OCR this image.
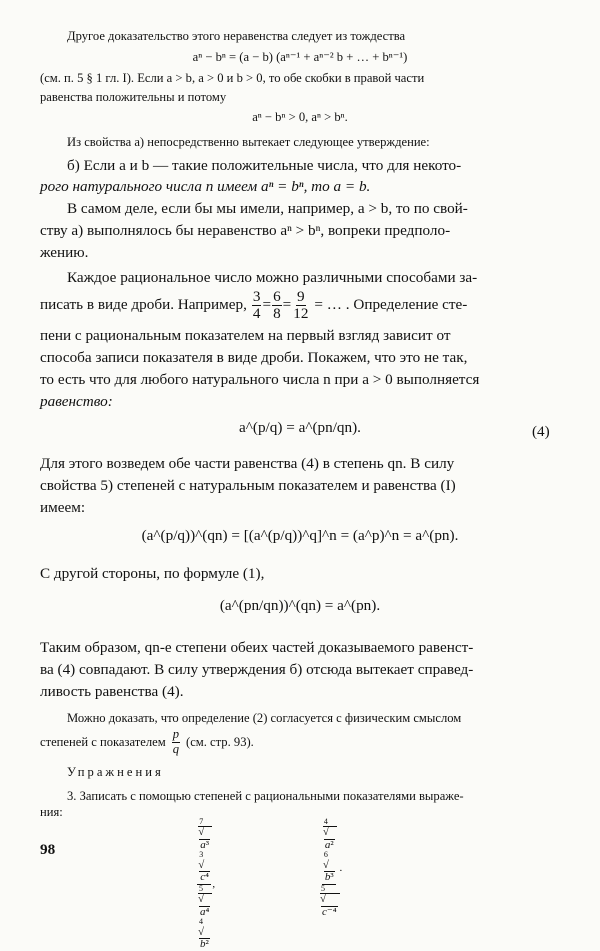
Другое доказательство этого неравенства следует из тождества
aⁿ − bⁿ = (a − b) (aⁿ⁻¹ + aⁿ⁻² b + … + bⁿ⁻¹)
(см. п. 5 § 1 гл. I). Если a > b, a > 0 и b > 0, то обе скобки в правой части
равенства положительны и потому
aⁿ − bⁿ > 0, aⁿ > bⁿ.
Из свойства а) непосредственно вытекает следующее утверждение:
б) Если a и b — такие положительные числа, что для некото-
рого натурального числа n имеем aⁿ = bⁿ, то a = b.
В самом деле, если бы мы имели, например, a > b, то по свой-
ству а) выполнялось бы неравенство aⁿ > bⁿ, вопреки предполо-
жению.
Каждое рациональное число можно различными способами за-
писать в виде дроби. Например, $\frac{3}{4} = \frac{6}{8} = \frac{9}{12}$ = … . Определение сте-
пени с рациональным показателем на первый взгляд зависит от
способа записи показателя в виде дроби. Покажем, что это не так,
то есть что для любого натурального числа n при a > 0 выполняется
равенство:
a^(p/q) = a^(pn/qn).	(4)
Для этого возведем обе части равенства (4) в степень qn. В силу
свойства 5) степеней с натуральным показателем и равенства (I)
имеем:
(a^(p/q))^(qn) = [(a^(p/q))^q]^n = (a^p)^n = a^(pn).
С другой стороны, по формуле (1),
(a^(pn/qn))^(qn) = a^(pn).
Таким образом, qn-е степени обеих частей доказываемого равенст-
ва (4) совпадают. В силу утверждения б) отсюда вытекает справед-
ливость равенства (4).
Можно доказать, что определение (2) согласуется с физическим смыслом
степеней с показателем
p
q (см. стр. 93).
Упражнения
3. Записать с помощью степеней с рациональными показателями выраже-
ния:
7
√
a³
3
√
c⁴
5
√
a⁴
4
√
b² ,	4
√
a²
6
√
b³
5
√
c⁻⁴ .
98
